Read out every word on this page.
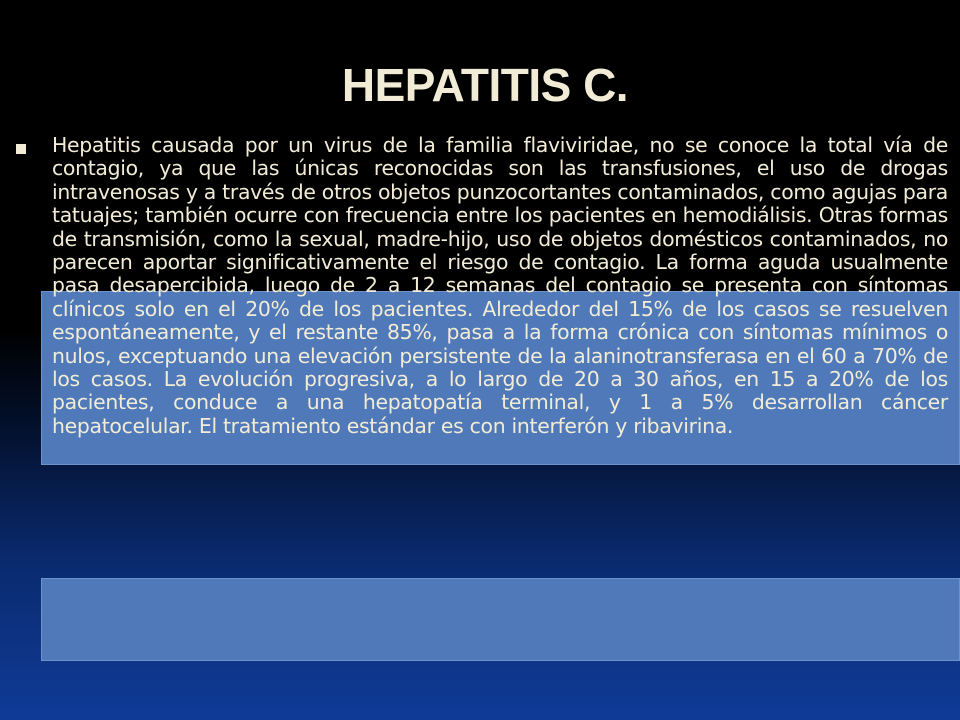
HEPATITIS C.

Hepatitis causada por un virus de la familia flaviviridae, no se conoce la total vía de contagio, ya que las únicas reconocidas son las transfusiones, el uso de drogas intravenosas y a través de otros objetos punzocortantes contaminados, como agujas para tatuajes; también ocurre con frecuencia entre los pacientes en hemodiálisis. Otras formas de transmisión, como la sexual, madre-hijo, uso de objetos domésticos contaminados, no parecen aportar significativamente el riesgo de contagio. La forma aguda usualmente pasa desapercibida, luego de 2 a 12 semanas del contagio se presenta con síntomas clínicos solo en el 20% de los pacientes. Alrededor del 15% de los casos se resuelven espontáneamente, y el restante 85%, pasa a la forma crónica con síntomas mínimos o nulos, exceptuando una elevación persistente de la alaninotransferasa en el 60 a 70% de los casos. La evolución progresiva, a lo largo de 20 a 30 años, en 15 a 20% de los pacientes, conduce a una hepatopatía terminal, y 1 a 5% desarrollan cáncer hepatocelular. El tratamiento estándar es con interferón y ribavirina.
